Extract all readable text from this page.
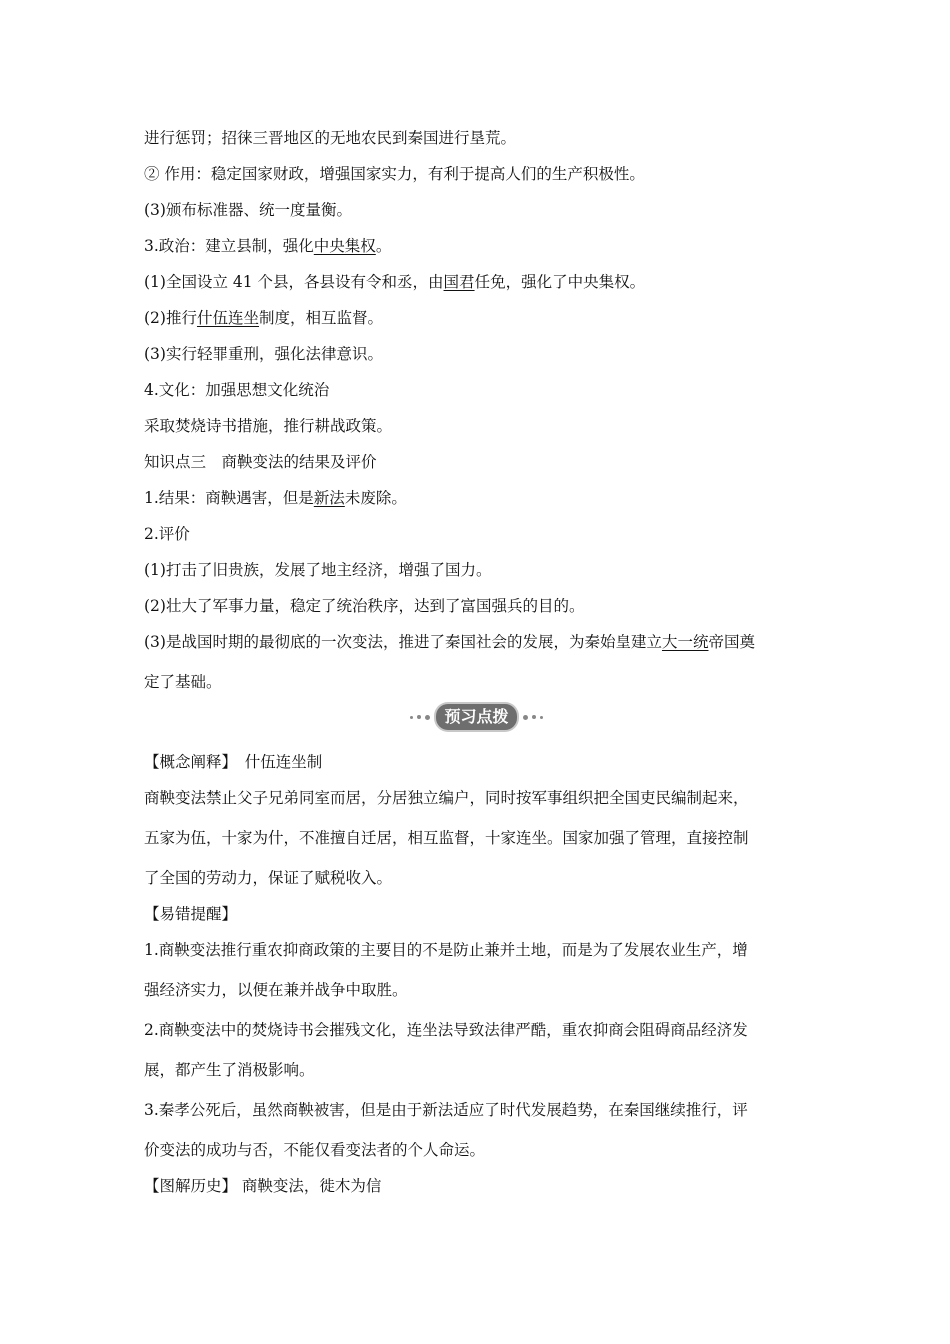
进行惩罚；招徕三晋地区的无地农民到秦国进行垦荒。

② 作用：稳定国家财政，增强国家实力，有利于提高人们的生产积极性。

(3)颁布标准器、统一度量衡。

3.政治：建立县制，强化中央集权。

(1)全国设立 41 个县，各县设有令和丞，由国君任免，强化了中央集权。

(2)推行什伍连坐制度，相互监督。

(3)实行轻罪重刑，强化法律意识。

4.文化：加强思想文化统治

采取焚烧诗书措施，推行耕战政策。

知识点三　商鞅变法的结果及评价

1.结果：商鞅遇害，但是新法未废除。

2.评价

(1)打击了旧贵族，发展了地主经济，增强了国力。

(2)壮大了军事力量，稳定了统治秩序，达到了富国强兵的目的。

(3)是战国时期的最彻底的一次变法，推进了秦国社会的发展，为秦始皇建立大一统帝国奠

定了基础。

预习点拨

【概念阐释】　什伍连坐制

商鞅变法禁止父子兄弟同室而居，分居独立编户，同时按军事组织把全国吏民编制起来，

五家为伍，十家为什，不准擅自迁居，相互监督，十家连坐。国家加强了管理，直接控制

了全国的劳动力，保证了赋税收入。

【易错提醒】

1.商鞅变法推行重农抑商政策的主要目的不是防止兼并土地，而是为了发展农业生产，增

强经济实力，以便在兼并战争中取胜。

2.商鞅变法中的焚烧诗书会摧残文化，连坐法导致法律严酷，重农抑商会阻碍商品经济发

展，都产生了消极影响。

3.秦孝公死后，虽然商鞅被害，但是由于新法适应了时代发展趋势，在秦国继续推行，评

价变法的成功与否，不能仅看变法者的个人命运。

【图解历史】 商鞅变法，徙木为信
